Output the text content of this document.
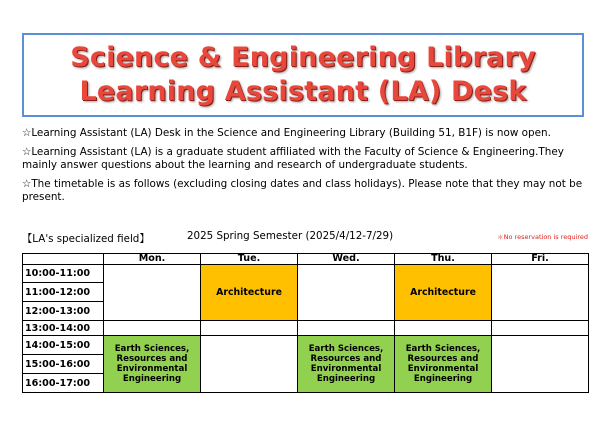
Science & Engineering Library
Learning Assistant (LA) Desk

☆Learning Assistant (LA) Desk in the Science and Engineering Library (Building 51, B1F) is now open.

☆Learning Assistant (LA) is a graduate student affiliated with the Faculty of Science & Engineering.They mainly answer questions about the learning and research of undergraduate students.

☆The timetable is as follows (excluding closing dates and class holidays). Please note that they may not be present.

【LA's specialized field】	2025 Spring Semester (2025/4/12-7/29)	＊No reservation is required
	Mon.	Tue.	Wed.	Thu.	Fri.
10:00-11:00		Architecture		Architecture	
11:00-12:00					
12:00-13:00					
13:00-14:00					
14:00-15:00	Earth Sciences,
Resources and
Environmental
Engineering		Earth Sciences,
Resources and
Environmental
Engineering	Earth Sciences,
Resources and
Environmental
Engineering	

15:00-16:00					
16:00-17:00					
